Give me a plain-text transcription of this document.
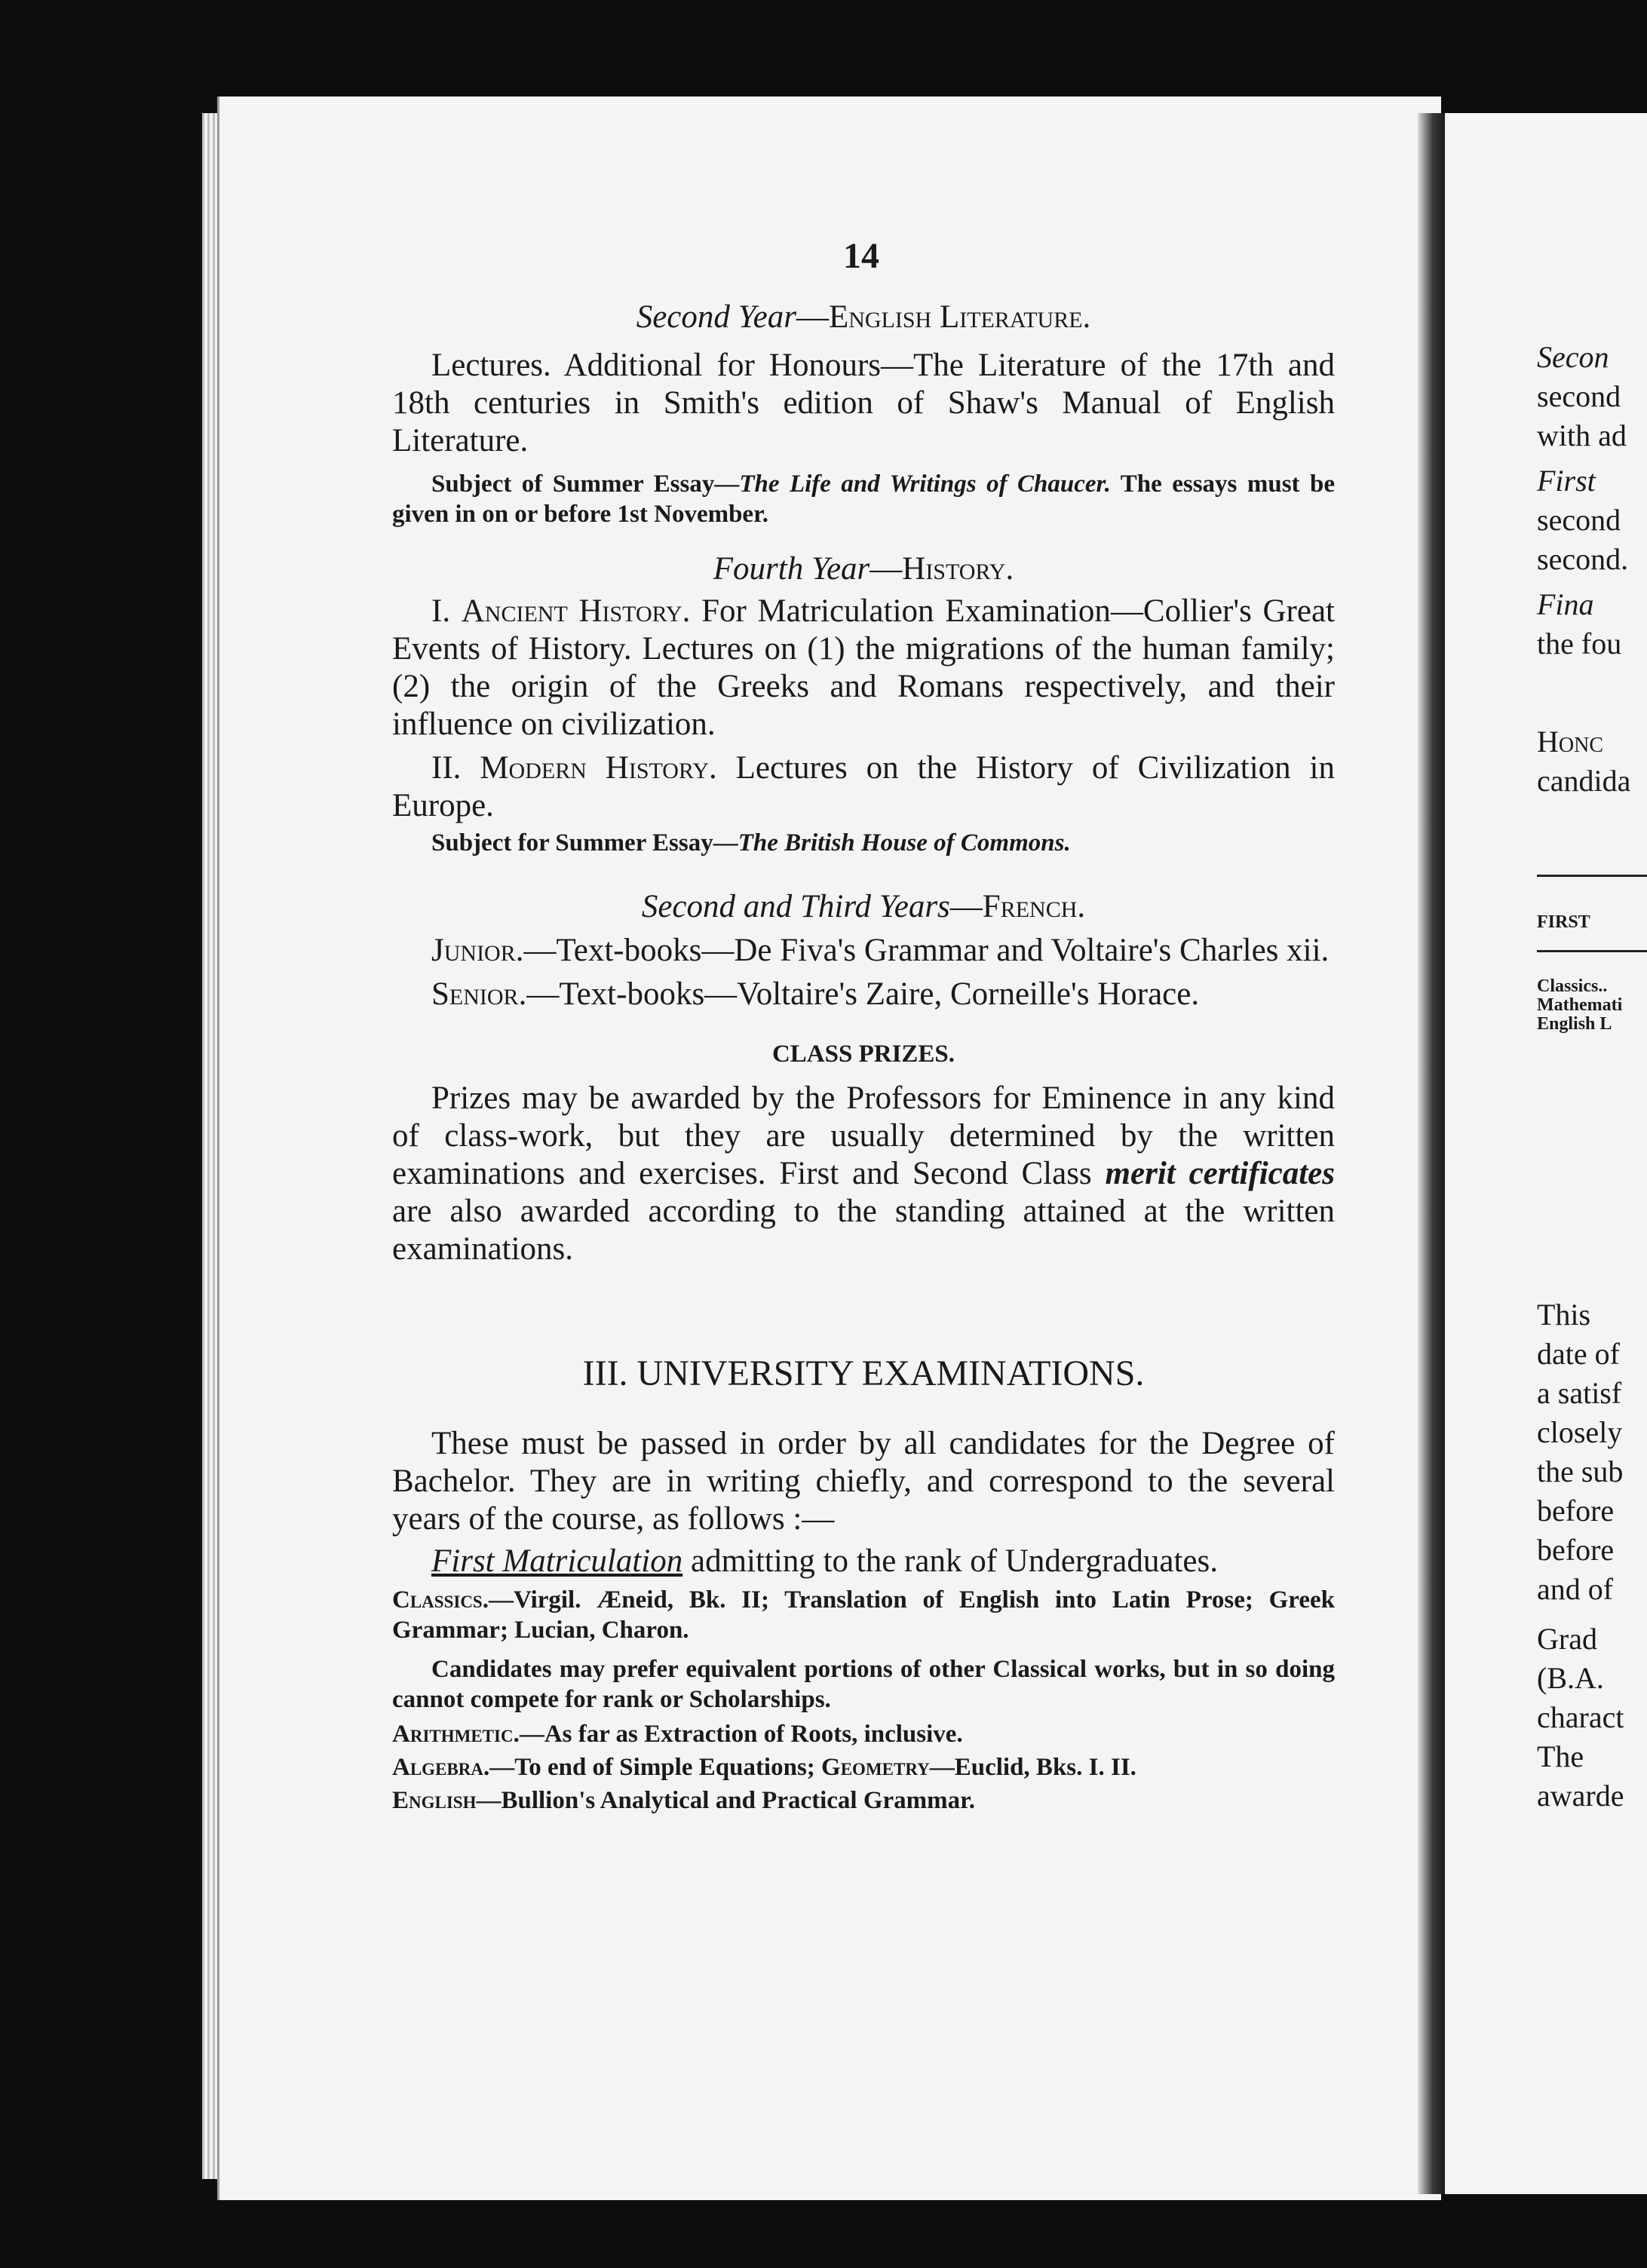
Secon
second
with ad
First
second
second.
Fina
the fou
Honc
candida
FIRST
Classics..
Mathemati
English L
This
date of
a satisf
closely
the sub
before
before
and of
Grad
(B.A.
charact
The
awarde
14
Second Year—English Literature.

Lectures. Additional for Honours—The Literature of the 17th and 18th centuries in Smith's edition of Shaw's Manual of English Literature.

Subject of Summer Essay—The Life and Writings of Chaucer. The essays must be given in on or before 1st November.

Fourth Year—History.

I. Ancient History. For Matriculation Examination—Collier's Great Events of History. Lectures on (1) the migrations of the human family; (2) the origin of the Greeks and Romans respectively, and their influence on civilization.

II. Modern History. Lectures on the History of Civilization in Europe.

Subject for Summer Essay—The British House of Commons.

Second and Third Years—French.

Junior.—Text-books—De Fiva's Grammar and Voltaire's Charles xii.

Senior.—Text-books—Voltaire's Zaire, Corneille's Horace.

CLASS PRIZES.

Prizes may be awarded by the Professors for Eminence in any kind of class-work, but they are usually determined by the written examinations and exercises. First and Second Class merit certificates are also awarded according to the standing attained at the written examinations.

III. UNIVERSITY EXAMINATIONS.

These must be passed in order by all candidates for the Degree of Bachelor. They are in writing chiefly, and correspond to the several years of the course, as follows :—

First Matriculation admitting to the rank of Undergraduates.

Classics.—Virgil. Æneid, Bk. II; Translation of English into Latin Prose; Greek Grammar; Lucian, Charon.

Candidates may prefer equivalent portions of other Classical works, but in so doing cannot compete for rank or Scholarships.

Arithmetic.—As far as Extraction of Roots, inclusive.

Algebra.—To end of Simple Equations; Geometry—Euclid, Bks. I. II.

English—Bullion's Analytical and Practical Grammar.
